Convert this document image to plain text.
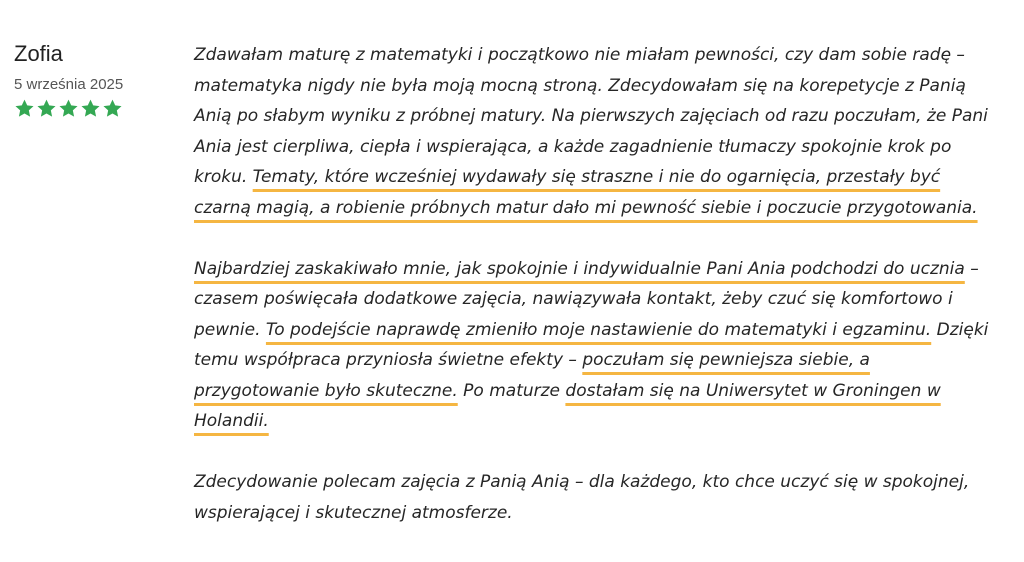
Zofia
5 września 2025

Zdawałam maturę z matematyki i początkowo nie miałam pewności, czy dam sobie radę – matematyka nigdy nie była moją mocną stroną. Zdecydowałam się na korepetycje z Panią Anią po słabym wyniku z próbnej matury. Na pierwszych zajęciach od razu poczułam, że Pani Ania jest cierpliwa, ciepła i wspierająca, a każde zagadnienie tłumaczy spokojnie krok po kroku. Tematy, które wcześniej wydawały się straszne i nie do ogarnięcia, przestały być czarną magią, a robienie próbnych matur dało mi pewność siebie i poczucie przygotowania.

Najbardziej zaskakiwało mnie, jak spokojnie i indywidualnie Pani Ania podchodzi do ucznia – czasem poświęcała dodatkowe zajęcia, nawiązywała kontakt, żeby czuć się komfortowo i pewnie. To podejście naprawdę zmieniło moje nastawienie do matematyki i egzaminu. Dzięki temu współpraca przyniosła świetne efekty – poczułam się pewniejsza siebie, a przygotowanie było skuteczne. Po maturze dostałam się na Uniwersytet w Groningen w Holandii.

Zdecydowanie polecam zajęcia z Panią Anią – dla każdego, kto chce uczyć się w spokojnej, wspierającej i skutecznej atmosferze.
